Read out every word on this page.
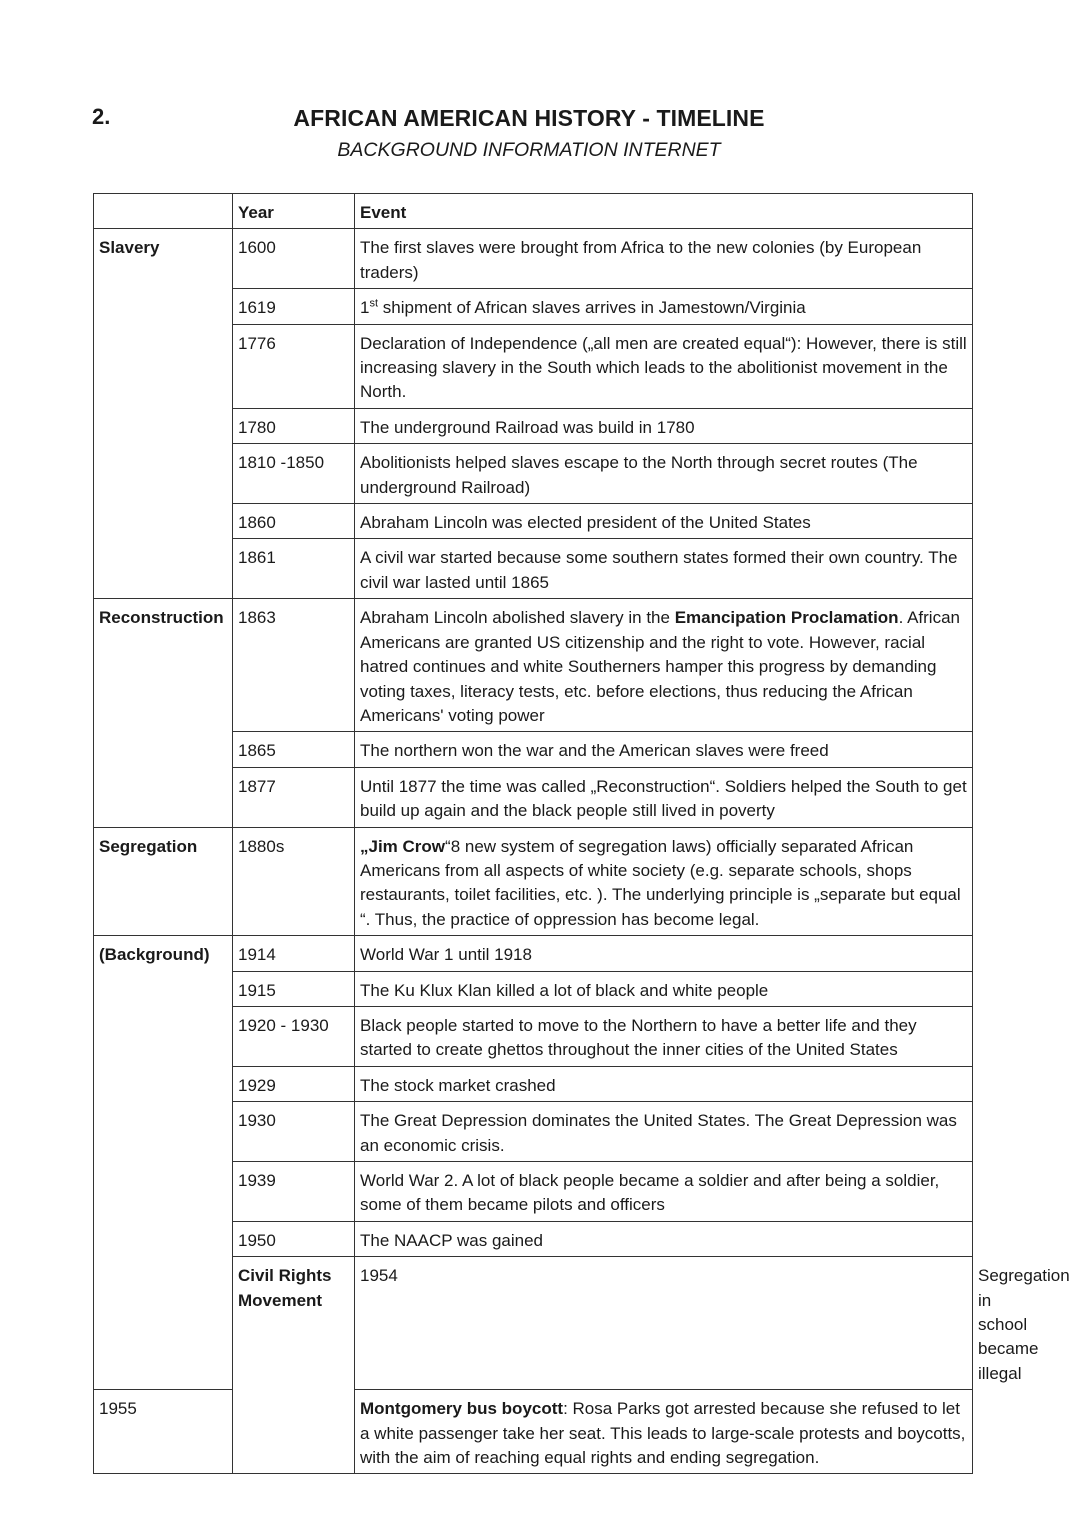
2.	AFRICAN AMERICAN HISTORY - TIMELINE
BACKGROUND INFORMATION INTERNET
	Year	Event	
Slavery	1600	The first slaves were brought from Africa to the new colonies (by European traders)	
	1619	1st shipment of African slaves arrives in Jamestown/Virginia	
	1776	Declaration of Independence („all men are created equal“): However, there is still increasing slavery in the South which leads to the abolitionist movement in the North.	
	1780	The underground Railroad was build in 1780	
	1810 -1850	Abolitionists helped slaves escape to the North through secret routes (The underground Railroad)	
	1860	Abraham Lincoln was elected president of the United States	
	1861	A civil war started because some southern states formed their own country. The civil war lasted until 1865	
Reconstruction	1863	Abraham Lincoln abolished slavery in the Emancipation Proclamation. African Americans are granted US citizenship and the right to vote. However, racial hatred continues and white Southerners hamper this progress by demanding voting taxes, literacy tests, etc. before elections, thus reducing the African Americans' voting power	
	1865	The northern won the war and the American slaves were freed	
	1877	Until 1877 the time was called „Reconstruction“. Soldiers helped the South to get build up again and the black people still lived in poverty	
Segregation	1880s	„Jim Crow“8 new system of segregation laws) officially separated African Americans from all aspects of white society (e.g. separate schools, shops restaurants, toilet facilities, etc. ). The underlying principle is „separate but equal “. Thus, the practice of oppression has become legal.	
(Background)	1914	World War 1 until 1918	
	1915	The Ku Klux Klan killed a lot of black and white people	
	1920 - 1930	Black people started to move to the Northern to have a better life and they started to create ghettos throughout the inner cities of the United States	
	1929	The stock market crashed	
	1930	The Great Depression dominates the United States. The Great Depression was an economic crisis.	
	1939	World War 2. A lot of black people became a soldier and after being a soldier, some of them became pilots and officers	
	1950	The NAACP was gained	
	Civil Rights Movement	1954	Segregation in school became illegal
1955		Montgomery bus boycott: Rosa Parks got arrested because she refused to let a white passenger take her seat. This leads to large-scale protests and boycotts, with the aim of reaching equal rights and ending segregation.	
